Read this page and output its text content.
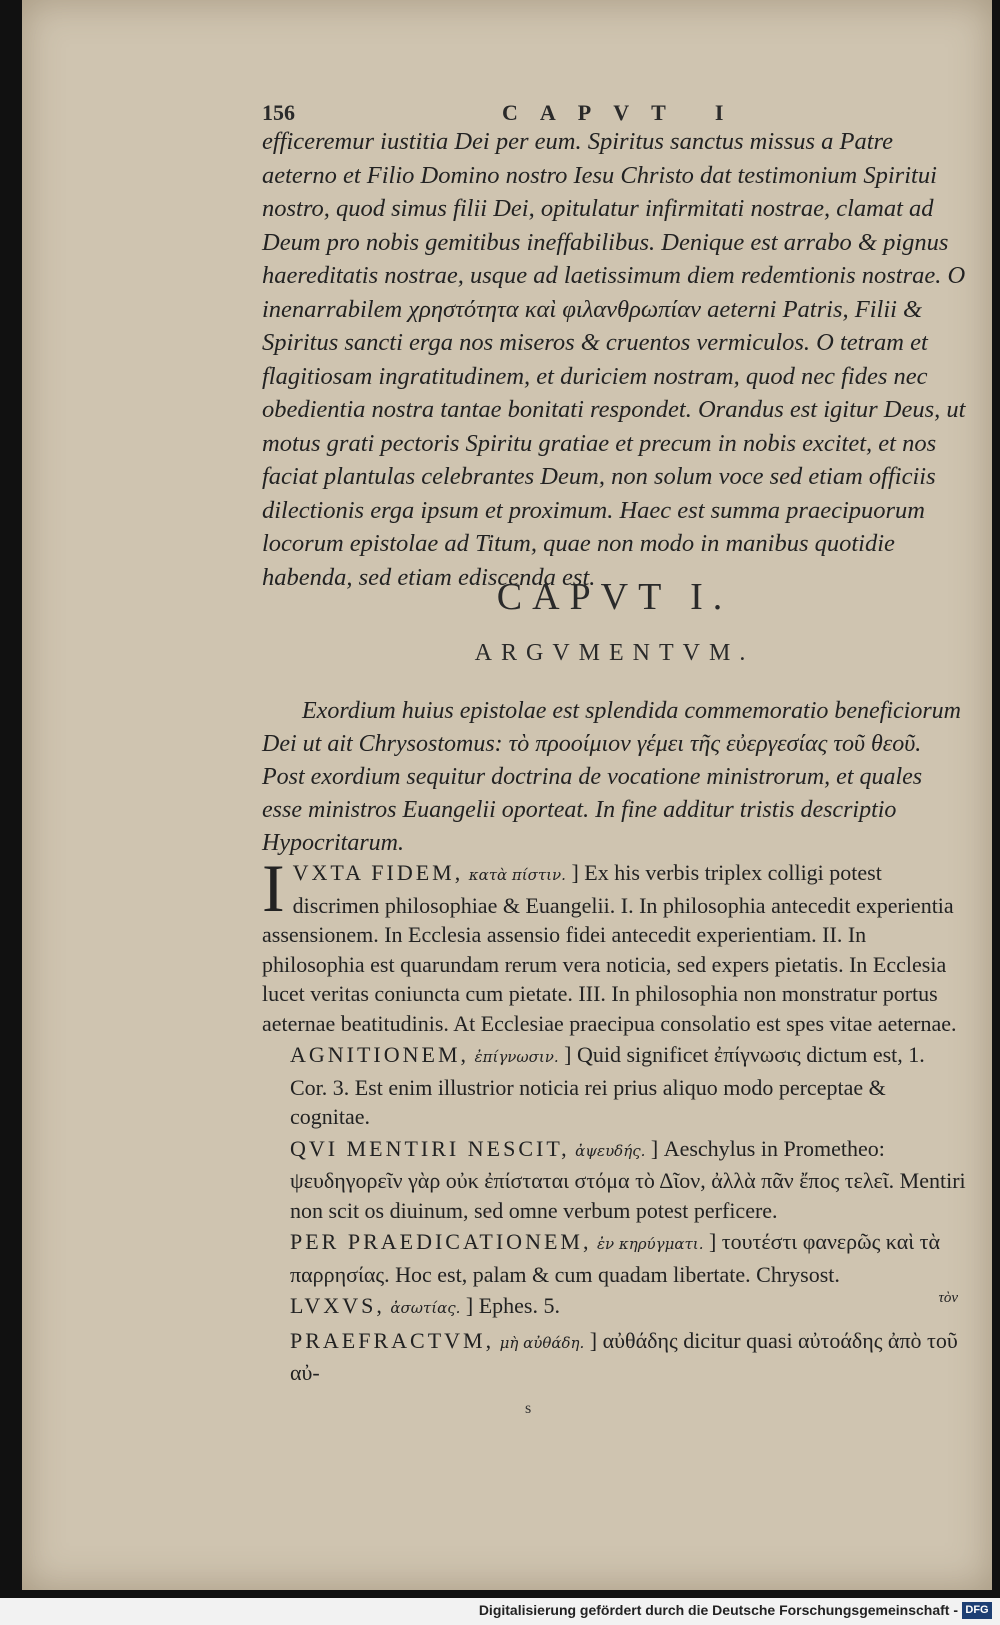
156	CAPVT I

efficeremur iustitia Dei per eum. Spiritus sanctus missus a Patre aeterno et Filio Domino nostro Iesu Christo dat testimonium Spiritui nostro, quod simus filii Dei, opitulatur infirmitati nostrae, clamat ad Deum pro nobis gemitibus ineffabilibus. Denique est arrabo & pignus haereditatis nostrae, usque ad laetissimum diem redemtionis nostrae. O inenarrabilem χρηστότητα καὶ φιλανθρωπίαν aeterni Patris, Filii & Spiritus sancti erga nos miseros & cruentos vermiculos. O tetram et flagitiosam ingratitudinem, et duriciem nostram, quod nec fides nec obedientia nostra tantae bonitati respondet. Orandus est igitur Deus, ut motus grati pectoris Spiritu gratiae et precum in nobis excitet, et nos faciat plantulas celebrantes Deum, non solum voce sed etiam officiis dilectionis erga ipsum et proximum. Haec est summa praecipuorum locorum epistolae ad Titum, quae non modo in manibus quotidie habenda, sed etiam ediscenda est.

CAPVT I.
ARGVMENTVM.

Exordium huius epistolae est splendida commemoratio beneficiorum Dei ut ait Chrysostomus: τὸ προοίμιον γέμει τῆς εὐεργεσίας τοῦ θεοῦ. Post exordium sequitur doctrina de vocatione ministrorum, et quales esse ministros Euangelii oporteat. In fine additur tristis descriptio Hypocritarum.

I VXTA FIDEM, κατὰ πίστιν. ] Ex his verbis triplex colligi potest discrimen philosophiae & Euangelii. I. In philosophia antecedit experientia assensionem. In Ecclesia assensio fidei antecedit experientiam. II. In philosophia est quarundam rerum vera noticia, sed expers pietatis. In Ecclesia lucet veritas coniuncta cum pietate. III. In philosophia non monstratur portus aeternae beatitudinis. At Ecclesiae praecipua consolatio est spes vitae aeternae.
AGNITIONEM, ἐπίγνωσιν. ] Quid significet ἐπίγνωσις dictum est, 1. Cor. 3. Est enim illustrior noticia rei prius aliquo modo perceptae & cognitae.
QVI MENTIRI NESCIT, ἀψευδής. ] Aeschylus in Prometheo: ψευδηγορεῖν γὰρ οὐκ ἐπίσταται στόμα τὸ Δῖον, ἀλλὰ πᾶν ἔπος τελεῖ. Mentiri non scit os diuinum, sed omne verbum potest perficere.
PER PRAEDICATIONEM, ἐν κηρύγματι. ] τουτέστι φανερῶς καὶ τὰ παρρησίας. Hoc est, palam & cum quadam libertate. Chrysost.
LVXVS, ἀσωτίας. ] Ephes. 5.
PRAEFRACTVM, μὴ αὐθάδη. ] αὐθάδης dicitur quasi αὐτοάδης ἀπὸ τοῦ αὐ-
τὸν
s
Digitalisierung gefördert durch die Deutsche Forschungsgemeinschaft - DFG
